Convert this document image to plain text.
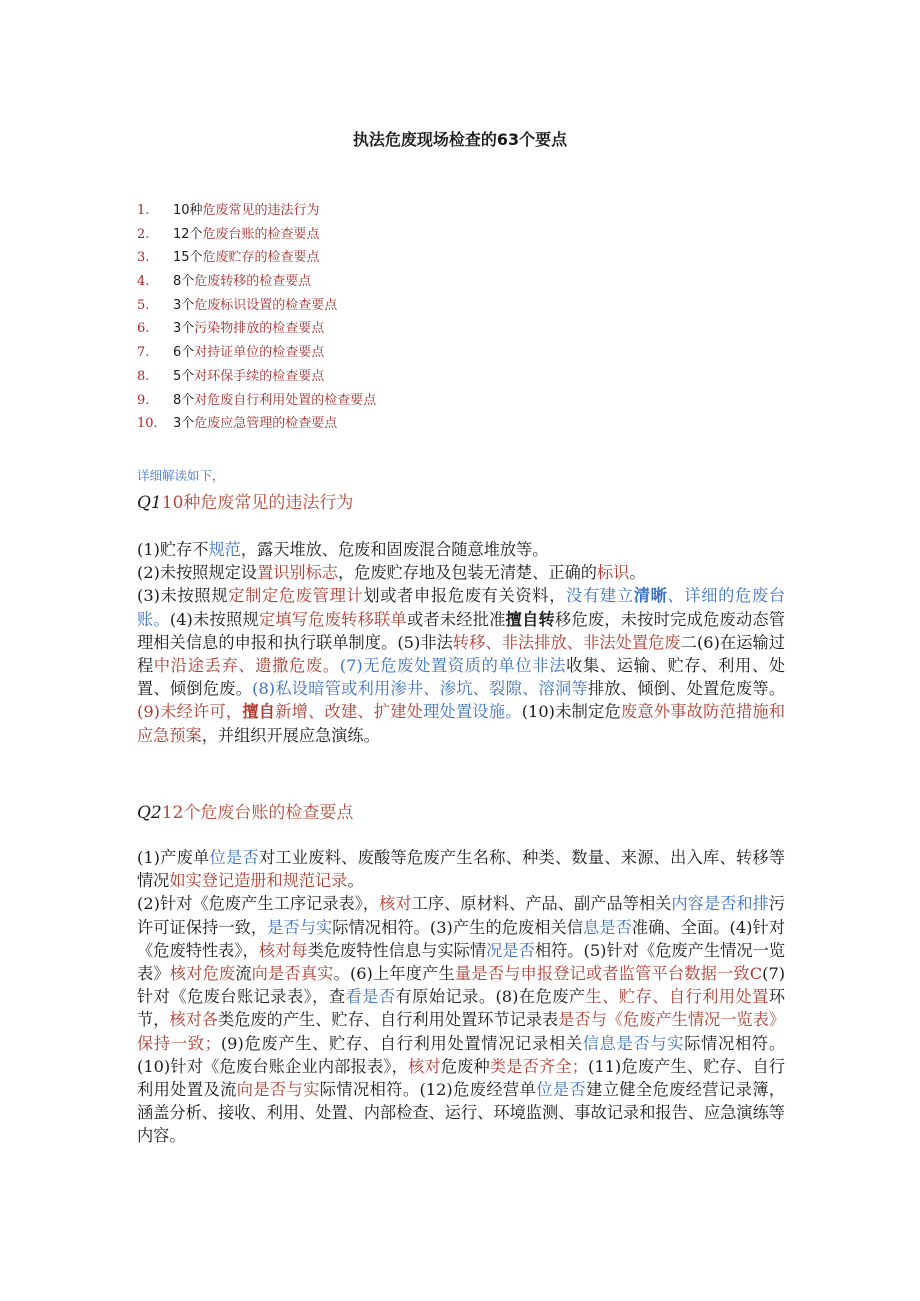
执法危废现场检查的63个要点
1. 10种危废常见的违法行为
2. 12个危废台账的检查要点
3. 15个危废贮存的检查要点
4. 8个危废转移的检查要点
5. 3个危废标识设置的检查要点
6. 3个污染物排放的检查要点
7. 6个对持证单位的检查要点
8. 5个对环保手续的检查要点
9. 8个对危废自行利用处置的检查要点
10. 3个危废应急管理的检查要点
详细解读如下，
Q110种危废常见的违法行为
(1)贮存不规范，露天堆放、危废和固废混合随意堆放等。
(2)未按照规定设置识别标志，危废贮存地及包装无清楚、正确的标识。
(3)未按照规定制定危废管理计划或者申报危废有关资料，没有建立清晰、详细的危废台账。(4)未按照规定填写危废转移联单或者未经批准擅自转移危废，未按时完成危废动态管理相关信息的申报和执行联单制度。(5)非法转移、非法排放、非法处置危废二(6)在运输过程中沿途丢弃、遗撒危废。(7)无危废处置资质的单位非法收集、运输、贮存、利用、处置、倾倒危废。(8)私设暗管或利用渗井、渗坑、裂隙、溶洞等排放、倾倒、处置危废等。(9)未经许可，擅自新增、改建、扩建处理处置设施。(10)未制定危废意外事故防范措施和应急预案，并组织开展应急演练。
Q212个危废台账的检查要点
(1)产废单位是否对工业废料、废酸等危废产生名称、种类、数量、来源、出入库、转移等情况如实登记造册和规范记录。
(2)针对《危废产生工序记录表》，核对工序、原材料、产品、副产品等相关内容是否和排污许可证保持一致，是否与实际情况相符。(3)产生的危废相关信息是否准确、全面。(4)针对《危废特性表》，核对每类危废特性信息与实际情况是否相符。(5)针对《危废产生情况一览表》核对危废流向是否真实。(6)上年度产生量是否与申报登记或者监管平台数据一致C(7)针对《危废台账记录表》，查看是否有原始记录。(8)在危废产生、贮存、自行利用处置环节，核对各类危废的产生、贮存、自行利用处置环节记录表是否与《危废产生情况一览表》保持一致；(9)危废产生、贮存、自行利用处置情况记录相关信息是否与实际情况相符。(10)针对《危废台账企业内部报表》，核对危废种类是否齐全；(11)危废产生、贮存、自行利用处置及流向是否与实际情况相符。(12)危废经营单位是否建立健全危废经营记录簿，涵盖分析、接收、利用、处置、内部检查、运行、环境监测、事故记录和报告、应急演练等内容。
